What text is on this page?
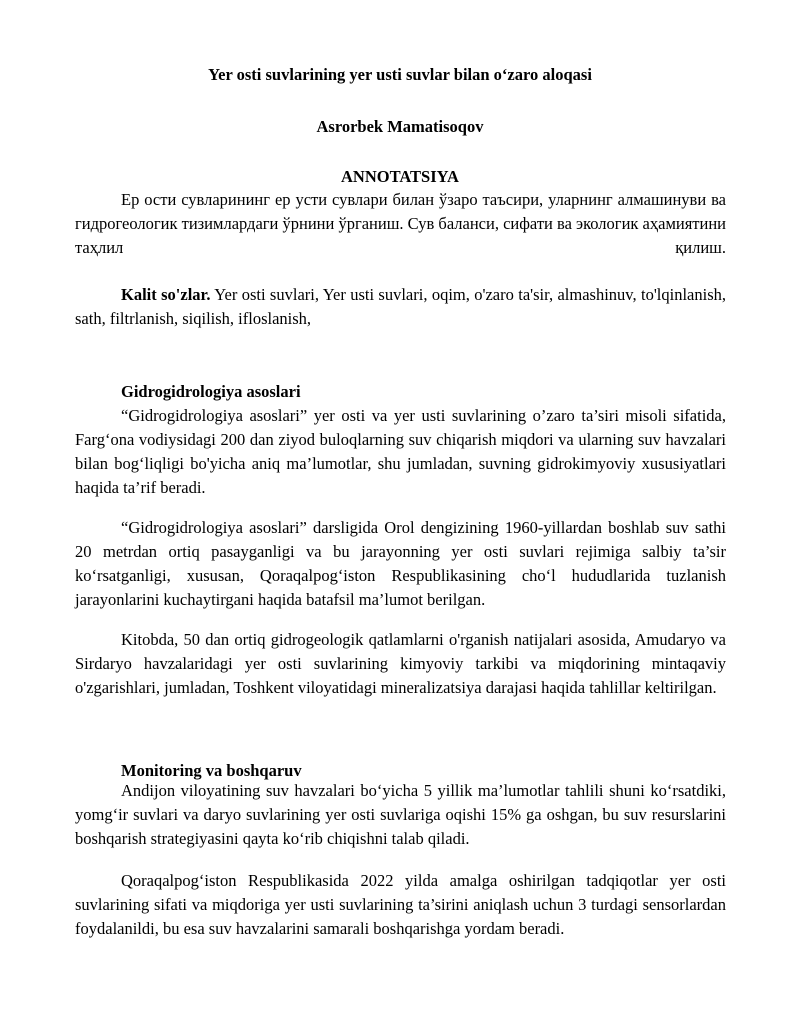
Yer osti suvlarining yer usti suvlar bilan o‘zaro aloqasi

Asrorbek Mamatisoqov

ANNOTATSIYA

Ер ости сувларининг ер усти сувлари билан ўзаро таъсири, уларнинг алмашинуви ва гидрогеологик тизимлардаги ўрнини ўрганиш. Сув баланси, сифати ва экологик аҳамиятини таҳлил қилиш.

Kalit so'zlar. Yer osti suvlari, Yer usti suvlari, oqim, o'zaro ta'sir, almashinuv, to'lqinlanish, sath, filtrlanish, siqilish, ifloslanish,

Gidrogidrologiya asoslari

“Gidrogidrologiya asoslari” yer osti va yer usti suvlarining o’zaro ta’siri misoli sifatida, Farg‘ona vodiysidagi 200 dan ziyod buloqlarning suv chiqarish miqdori va ularning suv havzalari bilan bog‘liqligi bo'yicha aniq ma’lumotlar, shu jumladan, suvning gidrokimyoviy xususiyatlari haqida ta’rif beradi.

“Gidrogidrologiya asoslari” darsligida Orol dengizining 1960-yillardan boshlab suv sathi 20 metrdan ortiq pasayganligi va bu jarayonning yer osti suvlari rejimiga salbiy ta’sir ko‘rsatganligi, xususan, Qoraqalpog‘iston Respublikasining cho‘l hududlarida tuzlanish jarayonlarini kuchaytirgani haqida batafsil ma’lumot berilgan.

Kitobda, 50 dan ortiq gidrogeologik qatlamlarni o'rganish natijalari asosida, Amudaryo va Sirdaryo havzalaridagi yer osti suvlarining kimyoviy tarkibi va miqdorining mintaqaviy o'zgarishlari, jumladan, Toshkent viloyatidagi mineralizatsiya darajasi haqida tahlillar keltirilgan.

Monitoring va boshqaruv

Andijon viloyatining suv havzalari bo‘yicha 5 yillik ma’lumotlar tahlili shuni ko‘rsatdiki, yomg‘ir suvlari va daryo suvlarining yer osti suvlariga oqishi 15% ga oshgan, bu suv resurslarini boshqarish strategiyasini qayta ko‘rib chiqishni talab qiladi.

Qoraqalpog‘iston Respublikasida 2022 yilda amalga oshirilgan tadqiqotlar yer osti suvlarining sifati va miqdoriga yer usti suvlarining ta’sirini aniqlash uchun 3 turdagi sensorlardan foydalanildi, bu esa suv havzalarini samarali boshqarishga yordam beradi.
